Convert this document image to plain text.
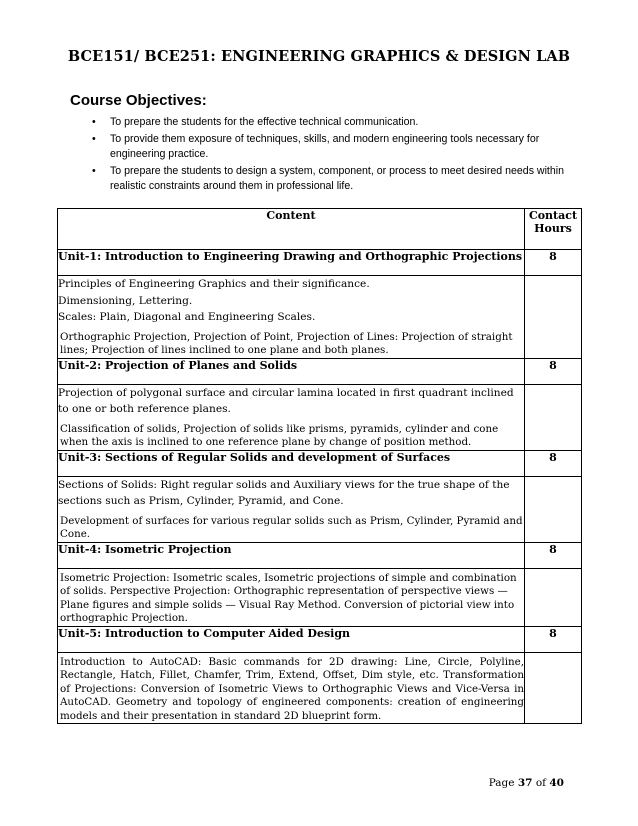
BCE151/ BCE251: ENGINEERING GRAPHICS & DESIGN LAB
Course Objectives:
• To prepare the students for the effective technical communication.
• To provide them exposure of techniques, skills, and modern engineering tools necessary for engineering practice.
• To prepare the students to design a system, component, or process to meet desired needs within realistic constraints around them in professional life.
Content	Contact
Hours

Unit-1: Introduction to Engineering Drawing and Orthographic Projections	8

Principles of Engineering Graphics and their significance.
Dimensioning, Lettering.
Scales: Plain, Diagonal and Engineering Scales.
Orthographic Projection, Projection of Point, Projection of Lines: Projection of straight lines; Projection of lines inclined to one plane and both planes.	

Unit-2: Projection of Planes and Solids	8

Projection of polygonal surface and circular lamina located in first quadrant inclined to one or both reference planes.
Classification of solids, Projection of solids like prisms, pyramids, cylinder and cone when the axis is inclined to one reference plane by change of position method.	

Unit-3: Sections of Regular Solids and development of Surfaces	8

Sections of Solids: Right regular solids and Auxiliary views for the true shape of the sections such as Prism, Cylinder, Pyramid, and Cone.
Development of surfaces for various regular solids such as Prism, Cylinder, Pyramid and Cone.	

Unit-4: Isometric Projection	8

Isometric Projection: Isometric scales, Isometric projections of simple and combination of solids. Perspective Projection: Orthographic representation of perspective views — Plane figures and simple solids — Visual Ray Method. Conversion of pictorial view into orthographic Projection.	

Unit-5: Introduction to Computer Aided Design	8

Introduction to AutoCAD: Basic commands for 2D drawing: Line, Circle, Polyline, Rectangle, Hatch, Fillet, Chamfer, Trim, Extend, Offset, Dim style, etc. Transformation of Projections: Conversion of Isometric Views to Orthographic Views and Vice-Versa in AutoCAD. Geometry and topology of engineered components: creation of engineering models and their presentation in standard 2D blueprint form.	

Page 37 of 40
